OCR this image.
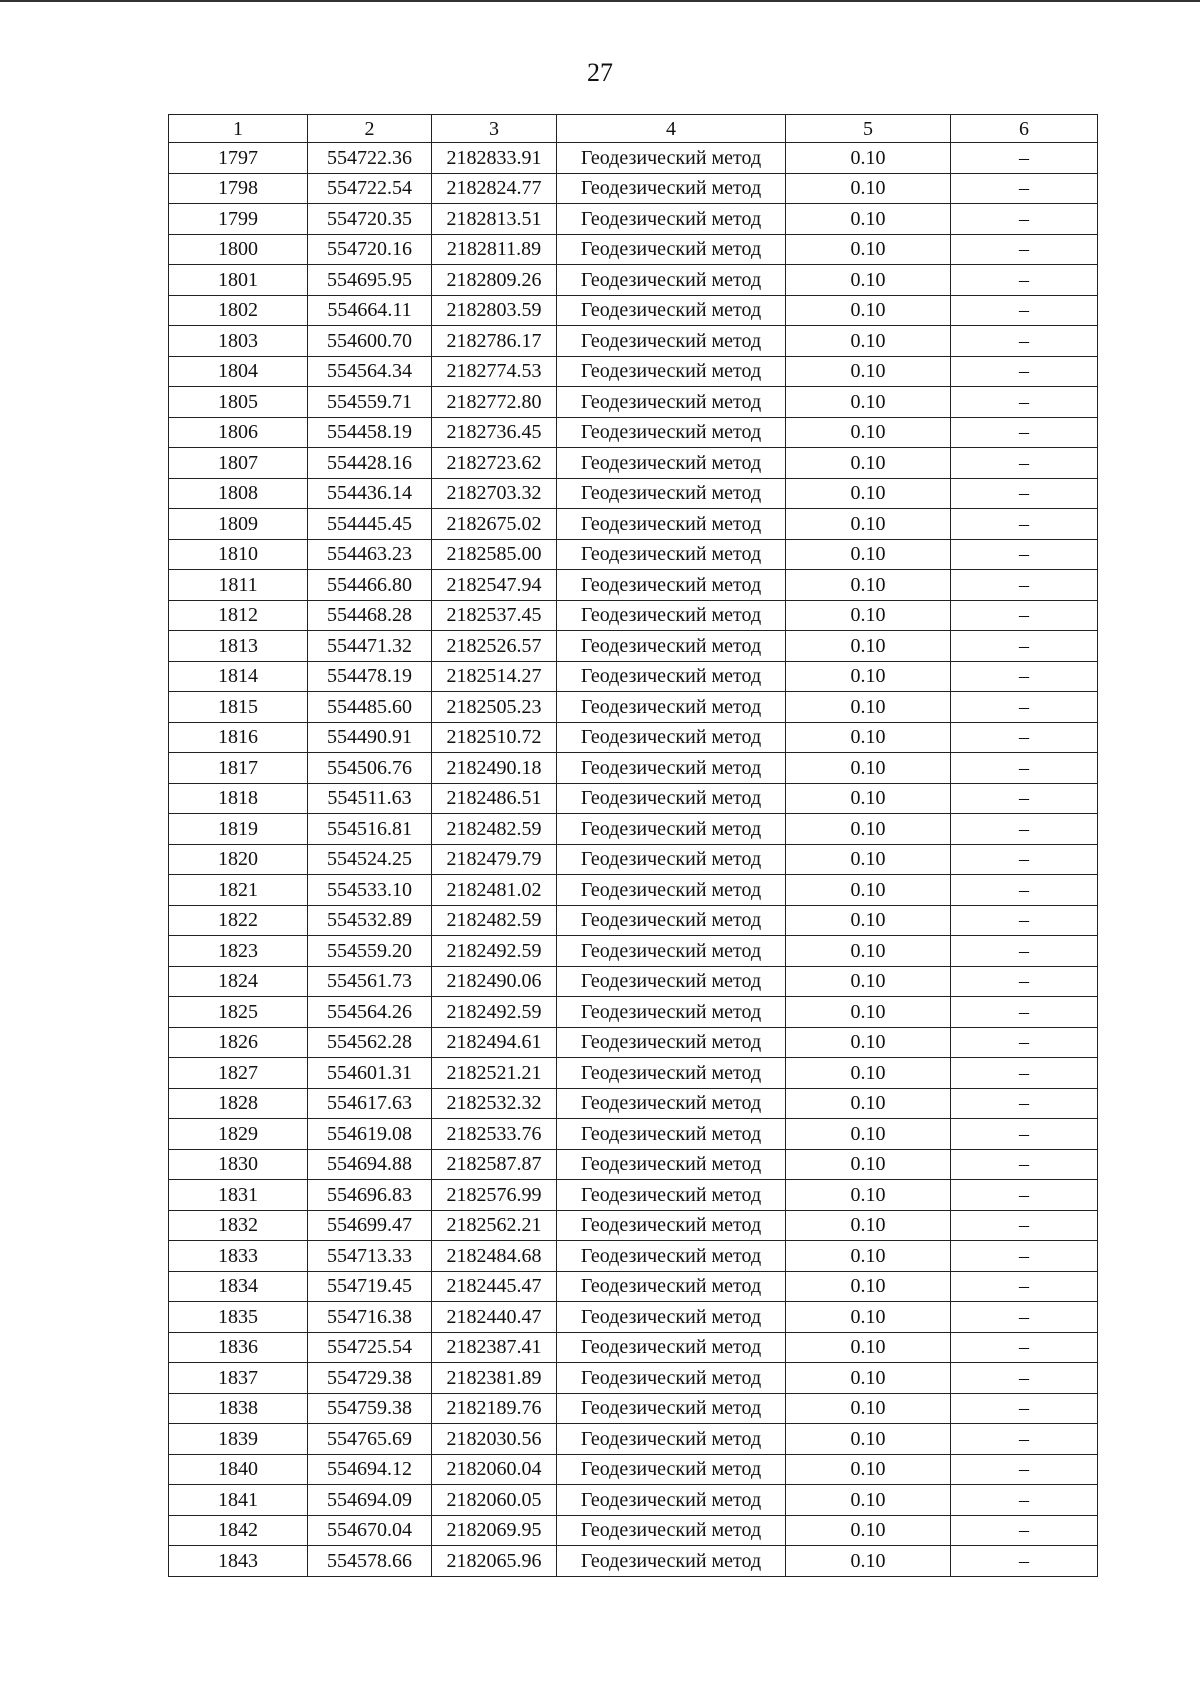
27
1	2	3	4	5	6
1797	554722.36	2182833.91	Геодезический метод	0.10	–
1798	554722.54	2182824.77	Геодезический метод	0.10	–
1799	554720.35	2182813.51	Геодезический метод	0.10	–
1800	554720.16	2182811.89	Геодезический метод	0.10	–
1801	554695.95	2182809.26	Геодезический метод	0.10	–
1802	554664.11	2182803.59	Геодезический метод	0.10	–
1803	554600.70	2182786.17	Геодезический метод	0.10	–
1804	554564.34	2182774.53	Геодезический метод	0.10	–
1805	554559.71	2182772.80	Геодезический метод	0.10	–
1806	554458.19	2182736.45	Геодезический метод	0.10	–
1807	554428.16	2182723.62	Геодезический метод	0.10	–
1808	554436.14	2182703.32	Геодезический метод	0.10	–
1809	554445.45	2182675.02	Геодезический метод	0.10	–
1810	554463.23	2182585.00	Геодезический метод	0.10	–
1811	554466.80	2182547.94	Геодезический метод	0.10	–
1812	554468.28	2182537.45	Геодезический метод	0.10	–
1813	554471.32	2182526.57	Геодезический метод	0.10	–
1814	554478.19	2182514.27	Геодезический метод	0.10	–
1815	554485.60	2182505.23	Геодезический метод	0.10	–
1816	554490.91	2182510.72	Геодезический метод	0.10	–
1817	554506.76	2182490.18	Геодезический метод	0.10	–
1818	554511.63	2182486.51	Геодезический метод	0.10	–
1819	554516.81	2182482.59	Геодезический метод	0.10	–
1820	554524.25	2182479.79	Геодезический метод	0.10	–
1821	554533.10	2182481.02	Геодезический метод	0.10	–
1822	554532.89	2182482.59	Геодезический метод	0.10	–
1823	554559.20	2182492.59	Геодезический метод	0.10	–
1824	554561.73	2182490.06	Геодезический метод	0.10	–
1825	554564.26	2182492.59	Геодезический метод	0.10	–
1826	554562.28	2182494.61	Геодезический метод	0.10	–
1827	554601.31	2182521.21	Геодезический метод	0.10	–
1828	554617.63	2182532.32	Геодезический метод	0.10	–
1829	554619.08	2182533.76	Геодезический метод	0.10	–
1830	554694.88	2182587.87	Геодезический метод	0.10	–
1831	554696.83	2182576.99	Геодезический метод	0.10	–
1832	554699.47	2182562.21	Геодезический метод	0.10	–
1833	554713.33	2182484.68	Геодезический метод	0.10	–
1834	554719.45	2182445.47	Геодезический метод	0.10	–
1835	554716.38	2182440.47	Геодезический метод	0.10	–
1836	554725.54	2182387.41	Геодезический метод	0.10	–
1837	554729.38	2182381.89	Геодезический метод	0.10	–
1838	554759.38	2182189.76	Геодезический метод	0.10	–
1839	554765.69	2182030.56	Геодезический метод	0.10	–
1840	554694.12	2182060.04	Геодезический метод	0.10	–
1841	554694.09	2182060.05	Геодезический метод	0.10	–
1842	554670.04	2182069.95	Геодезический метод	0.10	–
1843	554578.66	2182065.96	Геодезический метод	0.10	–
